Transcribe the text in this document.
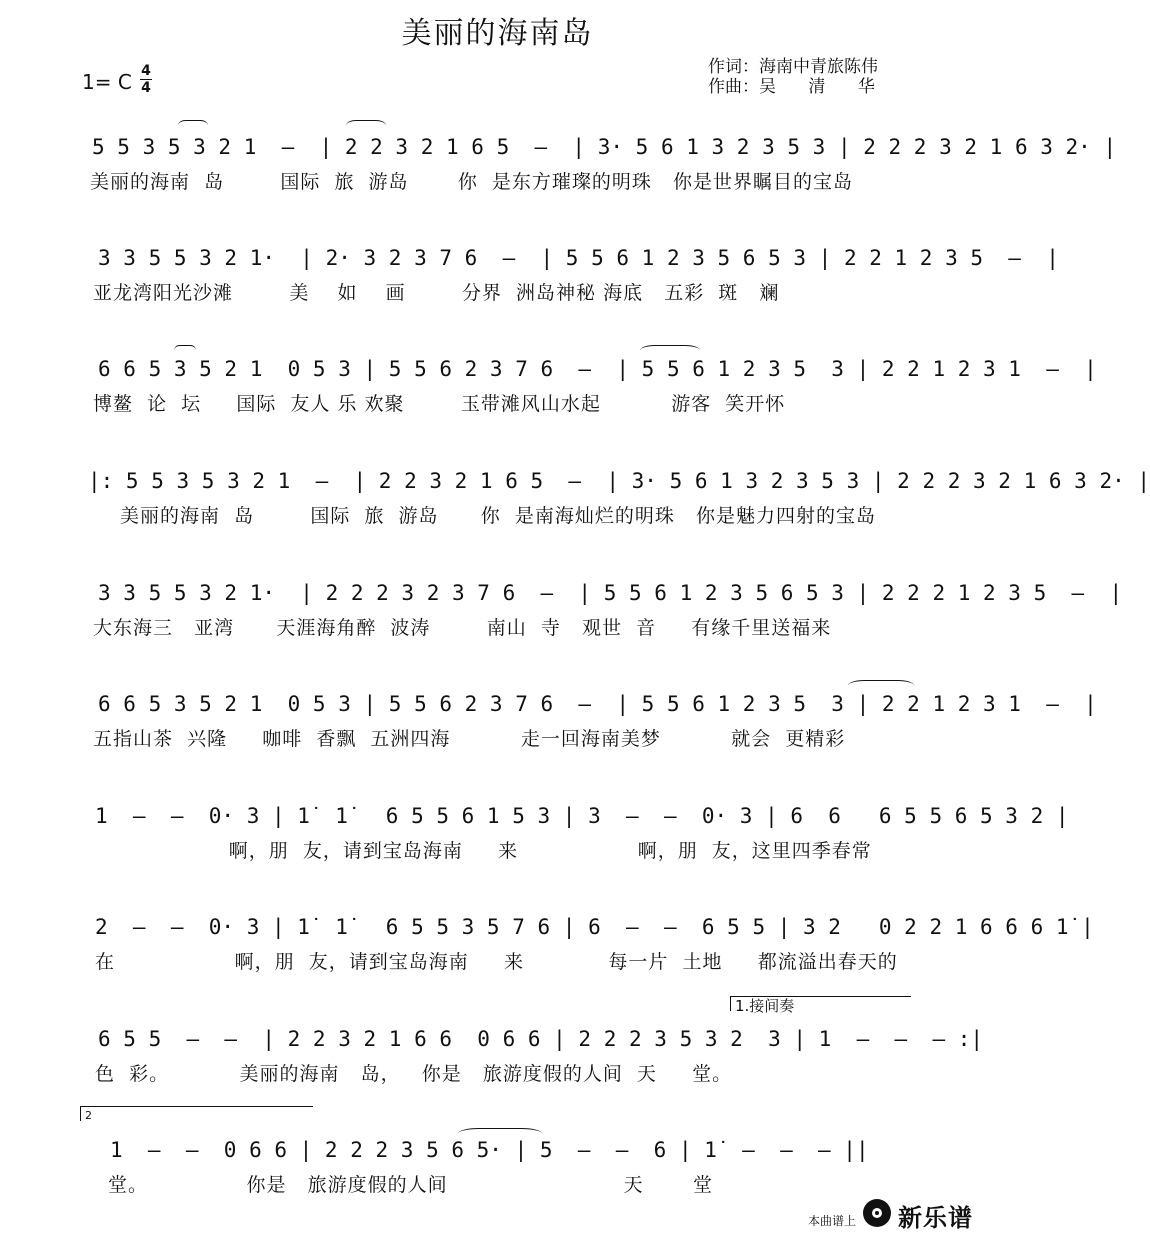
美丽的海南岛
作词：海南中青旅陈伟
作曲：吴      清      华
1= C 4
4
5 5 3 5 3 2 1  —  | 2 2 3 2 1 6 5  —  | 3· 5 6 1 3 2 3 5 3 | 2 2 2 3 2 1 6 3 2· |
美丽的海南  岛        国际  旅  游岛       你  是东方璀璨的明珠   你是世界瞩目的宝岛
3 3 5 5 3 2 1·  | 2· 3 2 3 7 6  —  | 5 5 6 1 2 3 5 6 5 3 | 2 2 1 2 3 5  —  |
亚龙湾阳光沙滩        美    如    画        分界  洲岛神秘 海底   五彩  斑   斓
6 6 5 3 5 2 1  0 5 3 | 5 5 6 2 3 7 6  —  | 5 5 6 1 2 3 5  3 | 2 2 1 2 3 1  —  |
博鳌  论  坛     国际  友人 乐 欢聚        玉带滩风山水起          游客  笑开怀
|: 5 5 3 5 3 2 1  —  | 2 2 3 2 1 6 5  —  | 3· 5 6 1 3 2 3 5 3 | 2 2 2 3 2 1 6 3 2· |
美丽的海南  岛        国际  旅  游岛      你  是南海灿烂的明珠   你是魅力四射的宝岛
3 3 5 5 3 2 1·  | 2 2 2 3 2 3 7 6  —  | 5 5 6 1 2 3 5 6 5 3 | 2 2 2 1 2 3 5  —  |
大东海三   亚湾      天涯海角醉  波涛        南山  寺   观世  音     有缘千里送福来
6 6 5 3 5 2 1  0 5 3 | 5 5 6 2 3 7 6  —  | 5 5 6 1 2 3 5  3 | 2 2 1 2 3 1  —  |
五指山茶  兴隆     咖啡  香飘  五洲四海          走一回海南美梦          就会  更精彩
1  —  —  0· 3 | 1̇  1̇   6 5 5 6 1 5 3 | 3  —  —  0· 3 | 6  6   6 5 5 6 5 3 2 |
啊，朋  友，请到宝岛海南     来                 啊，朋  友，这里四季春常
2  —  —  0· 3 | 1̇  1̇   6 5 5 3 5 7 6 | 6  —  —  6 5 5 | 3 2   0 2 2 1 6 6 6 1̇ |
在                 啊，朋  友，请到宝岛海南     来            每一片  土地     都流溢出春天的
1.接间奏
6 5 5  —  —  | 2 2 3 2 1 6 6  0 6 6 | 2 2 2 3 5 3 2  3 | 1  —  —  — :|
色  彩。          美丽的海南   岛，   你是   旅游度假的人间  天     堂。
2
1  —  —  0 6 6 | 2 2 2 3 5 6 5· | 5  —  —  6 | 1̇  —  —  — ||
堂。              你是   旅游度假的人间                         天       堂
本曲谱上 新乐谱
